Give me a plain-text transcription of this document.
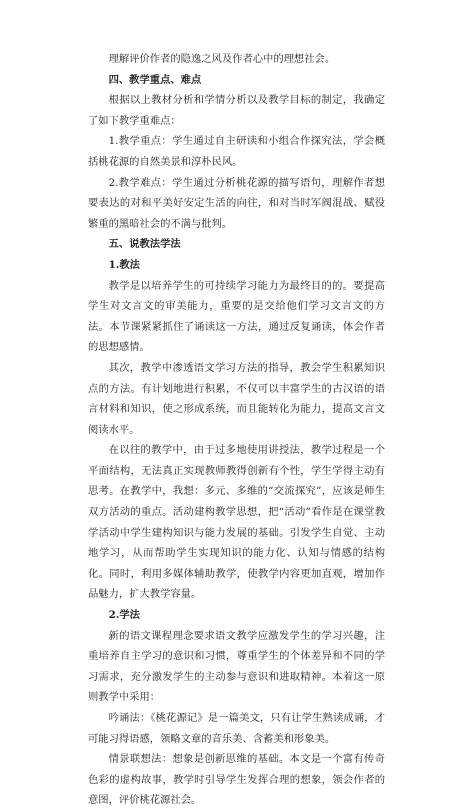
理解评价作者的隐逸之风及作者心中的理想社会。

四、教学重点、难点

根据以上教材分析和学情分析以及教学目标的制定，我确定了如下教学重难点：

1.教学重点：学生通过自主研读和小组合作探究法，学会概括桃花源的自然美景和淳朴民风。

2.教学难点：学生通过分析桃花源的描写语句，理解作者想要表达的对和平美好安定生活的向往，和对当时军阀混战、赋役繁重的黑暗社会的不满与批判。

五、说教法学法

1.教法

教学是以培养学生的可持续学习能力为最终目的的。要提高学生对文言文的审美能力，重要的是交给他们学习文言文的方法。本节课紧紧抓住了诵读这一方法，通过反复诵读，体会作者的思想感情。

其次，教学中渗透语文学习方法的指导，教会学生积累知识点的方法。有计划地进行积累，不仅可以丰富学生的古汉语的语言材料和知识，使之形成系统，而且能转化为能力，提高文言文阅读水平。

在以往的教学中，由于过多地使用讲授法，教学过程是一个平面结构，无法真正实现教师教得创新有个性，学生学得主动有思考。在教学中，我想：多元、多维的“交流探究”，应该是师生双方活动的重点。活动建构教学思想，把“活动”看作是在课堂教学活动中学生建构知识与能力发展的基础。引发学生自觉、主动地学习，从而帮助学生实现知识的能力化、认知与情感的结构化。同时，利用多媒体辅助教学，使教学内容更加直观，增加作品魅力，扩大教学容量。

2.学法

新的语文课程理念要求语文教学应激发学生的学习兴趣，注重培养自主学习的意识和习惯，尊重学生的个体差异和不同的学习需求，充分激发学生的主动参与意识和进取精神。本着这一原则教学中采用：

吟诵法：《桃花源记》是一篇美文，只有让学生熟读成诵，才可能习得语感，领略文章的音乐美、含蓄美和形象美。

情景联想法：想象是创新思维的基础。本文是一个富有传奇色彩的虚构故事，教学时引导学生发挥合理的想象，领会作者的意图，评价桃花源社会。
